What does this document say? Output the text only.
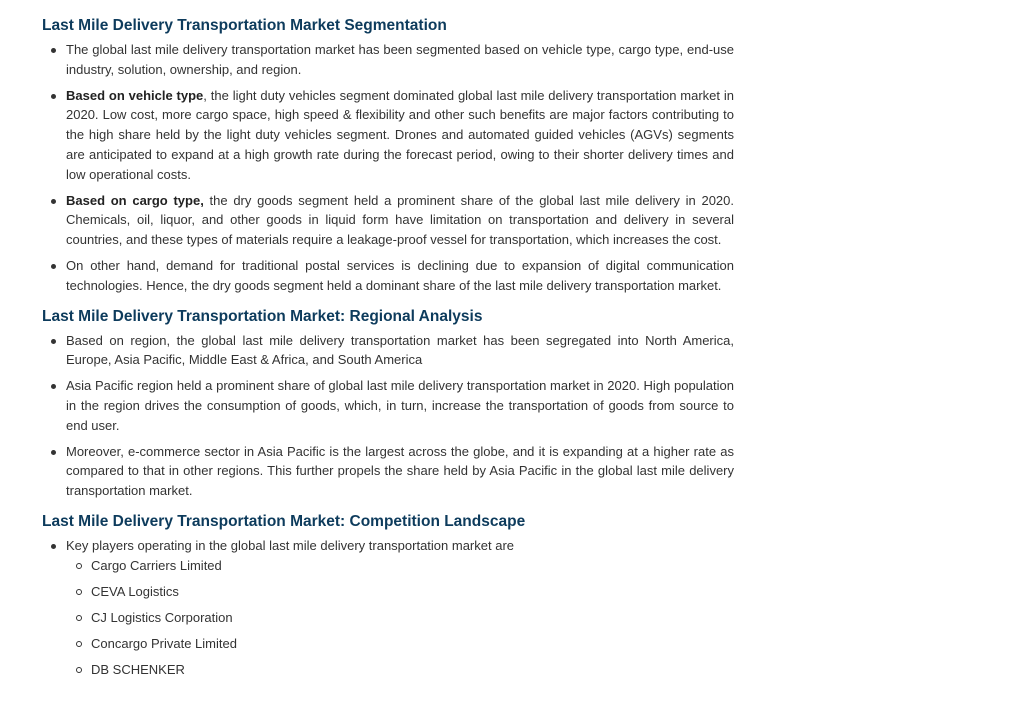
Last Mile Delivery Transportation Market Segmentation
The global last mile delivery transportation market has been segmented based on vehicle type, cargo type, end-use industry, solution, ownership, and region.
Based on vehicle type, the light duty vehicles segment dominated global last mile delivery transportation market in 2020. Low cost, more cargo space, high speed & flexibility and other such benefits are major factors contributing to the high share held by the light duty vehicles segment. Drones and automated guided vehicles (AGVs) segments are anticipated to expand at a high growth rate during the forecast period, owing to their shorter delivery times and low operational costs.
Based on cargo type, the dry goods segment held a prominent share of the global last mile delivery in 2020. Chemicals, oil, liquor, and other goods in liquid form have limitation on transportation and delivery in several countries, and these types of materials require a leakage-proof vessel for transportation, which increases the cost.
On other hand, demand for traditional postal services is declining due to expansion of digital communication technologies. Hence, the dry goods segment held a dominant share of the last mile delivery transportation market.
Last Mile Delivery Transportation Market: Regional Analysis
Based on region, the global last mile delivery transportation market has been segregated into North America, Europe, Asia Pacific, Middle East & Africa, and South America
Asia Pacific region held a prominent share of global last mile delivery transportation market in 2020. High population in the region drives the consumption of goods, which, in turn, increase the transportation of goods from source to end user.
Moreover, e-commerce sector in Asia Pacific is the largest across the globe, and it is expanding at a higher rate as compared to that in other regions. This further propels the share held by Asia Pacific in the global last mile delivery transportation market.
Last Mile Delivery Transportation Market: Competition Landscape
Key players operating in the global last mile delivery transportation market are
Cargo Carriers Limited
CEVA Logistics
CJ Logistics Corporation
Concargo Private Limited
DB SCHENKER
